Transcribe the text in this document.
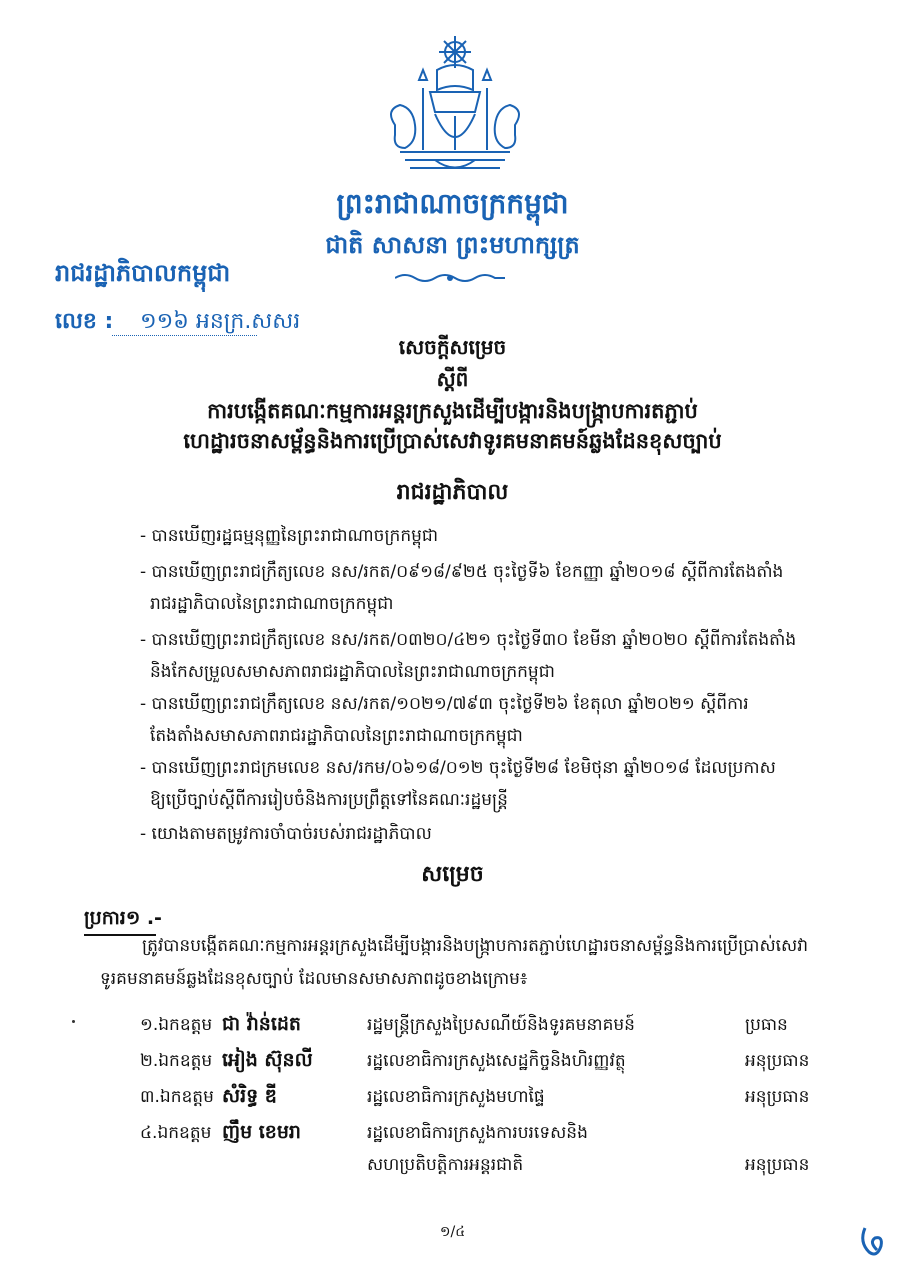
ព្រះរាជាណាចក្រកម្ពុជា
ជាតិ សាសនា ព្រះមហាក្សត្រ
រាជរដ្ឋាភិបាលកម្ពុជា
លេខ : ១១៦ អនក្រ.សសរ
សេចក្តីសម្រេច
ស្តីពី
ការបង្កើតគណៈកម្មការអន្តរក្រសួងដើម្បីបង្ការនិងបង្ក្រាបការតភ្ជាប់
ហេដ្ឋារចនាសម្ព័ន្ធនិងការប្រើប្រាស់សេវាទូរគមនាគមន៍ឆ្លងដែនខុសច្បាប់
រាជរដ្ឋាភិបាល
- បានឃើញរដ្ឋធម្មនុញ្ញនៃព្រះរាជាណាចក្រកម្ពុជា
- បានឃើញព្រះរាជក្រឹត្យលេខ នស/រកត/០៩១៨/៩២៥ ចុះថ្ងៃទី៦ ខែកញ្ញា ឆ្នាំ២០១៨ ស្តីពីការតែងតាំង
រាជរដ្ឋាភិបាលនៃព្រះរាជាណាចក្រកម្ពុជា
- បានឃើញព្រះរាជក្រឹត្យលេខ នស/រកត/០៣២០/៤២១ ចុះថ្ងៃទី៣០ ខែមីនា ឆ្នាំ២០២០ ស្តីពីការតែងតាំង
និងកែសម្រួលសមាសភាពរាជរដ្ឋាភិបាលនៃព្រះរាជាណាចក្រកម្ពុជា
- បានឃើញព្រះរាជក្រឹត្យលេខ នស/រកត/១០២១/៧៩៣ ចុះថ្ងៃទី២៦ ខែតុលា ឆ្នាំ២០២១ ស្តីពីការ
តែងតាំងសមាសភាពរាជរដ្ឋាភិបាលនៃព្រះរាជាណាចក្រកម្ពុជា
- បានឃើញព្រះរាជក្រមលេខ នស/រកម/០៦១៨/០១២ ចុះថ្ងៃទី២៨ ខែមិថុនា ឆ្នាំ២០១៨ ដែលប្រកាស
ឱ្យប្រើច្បាប់ស្តីពីការរៀបចំនិងការប្រព្រឹត្តទៅនៃគណៈរដ្ឋមន្ត្រី
- យោងតាមតម្រូវការចាំបាច់របស់រាជរដ្ឋាភិបាល
សម្រេច
ប្រការ១ .-
ត្រូវបានបង្កើតគណៈកម្មការអន្តរក្រសួងដើម្បីបង្ការនិងបង្ក្រាបការតភ្ជាប់ហេដ្ឋារចនាសម្ព័ន្ធនិងការប្រើប្រាស់សេវាទូរគមនាគមន៍ឆ្លងដែនខុសច្បាប់ ដែលមានសមាសភាពដូចខាងក្រោម៖
១.ឯកឧត្តម ជា វ៉ាន់ដេត	រដ្ឋមន្ត្រីក្រសួងប្រៃសណីយ៍និងទូរគមនាគមន៍	ប្រធាន
២.ឯកឧត្តម អៀង ស៊ុនលី	រដ្ឋលេខាធិការក្រសួងសេដ្ឋកិច្ចនិងហិរញ្ញវត្ថុ	អនុប្រធាន
៣.ឯកឧត្តម សំរិទ្ធ ឌី	រដ្ឋលេខាធិការក្រសួងមហាផ្ទៃ	អនុប្រធាន
៤.ឯកឧត្តម ញឹម ខេមរា	រដ្ឋលេខាធិការក្រសួងការបរទេសនិង
សហប្រតិបត្តិការអន្តរជាតិ	អនុប្រធាន
១/៤
